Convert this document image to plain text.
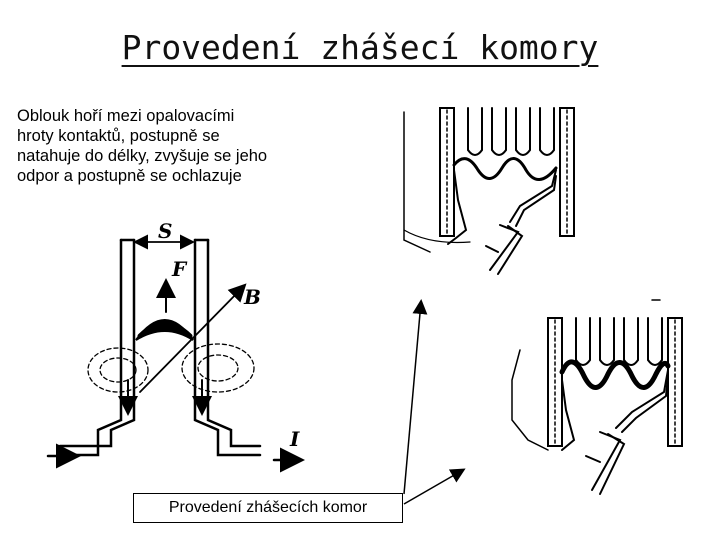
Provedení zhášecí komory
Oblouk hoří mezi opalovacími
hroty kontaktů, postupně se
natahuje do délky, zvyšuje se jeho
odpor a postupně se ochlazuje
S
F
B
I
Provedení zhášecích komor
